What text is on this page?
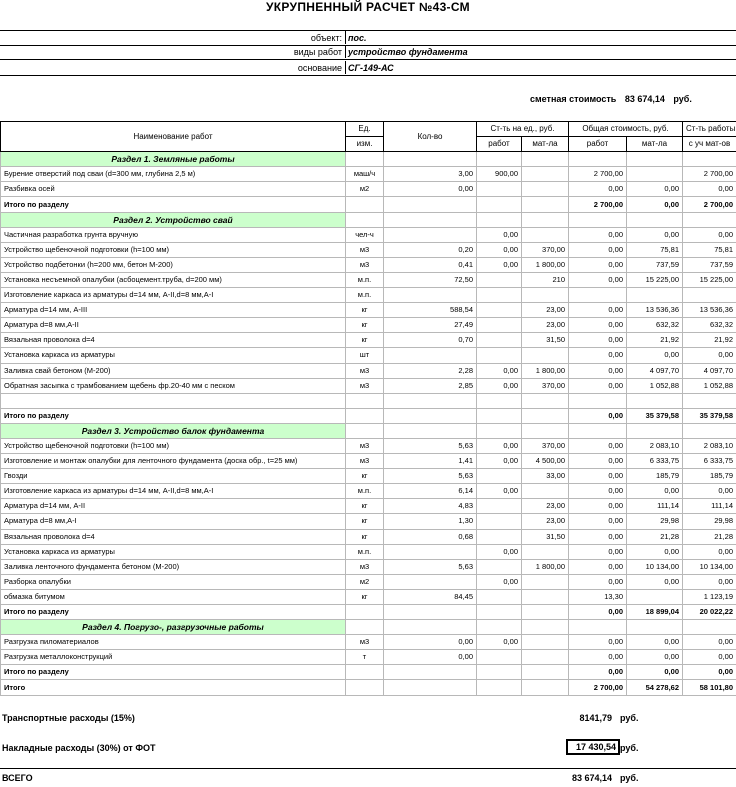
УКРУПНЕННЫЙ РАСЧЕТ №43-СМ
объект: пос.
виды работ устройство фундамента
основание СГ-149-АС
сметная стоимость 83 674,14 руб.
Наименование работ	Ед.	Кол-во	Ст-ть на ед., руб.		Общая стоимость, руб.		Ст-ть работы
	изм.		работ	мат-ла	работ	мат-ла	с уч мат-ов
Раздел 1. Земляные работы							
Бурение отверстий под сваи (d=300 мм, глубина 2,5 м)	маш/ч	3,00	900,00		2 700,00		2 700,00
Разбивка осей	м2	0,00			0,00	0,00	0,00
Итого по разделу					2 700,00	0,00	2 700,00
Раздел 2. Устройство свай							
Частичная разработка грунта вручную	чел-ч		0,00		0,00	0,00	0,00
Устройство щебеночной подготовки (h=100 мм)	м3	0,20	0,00	370,00	0,00	75,81	75,81
Устройство подбетонки (h=200 мм, бетон М-200)	м3	0,41	0,00	1 800,00	0,00	737,59	737,59
Установка несъемной опалубки (асбоцемент.труба, d=200 мм)	м.п.	72,50		210	0,00	15 225,00	15 225,00
Изготовление каркаса из арматуры d=14 мм, А-II,d=8 мм,А-I	м.п.						
Арматура d=14 мм, А-III	кг	588,54		23,00	0,00	13 536,36	13 536,36
Арматура d=8 мм,А-II	кг	27,49		23,00	0,00	632,32	632,32
Вязальная проволока d=4	кг	0,70		31,50	0,00	21,92	21,92
Установка каркаса из арматуры	шт				0,00	0,00	0,00
Заливка свай бетоном (М-200)	м3	2,28	0,00	1 800,00	0,00	4 097,70	4 097,70
Обратная засыпка с трамбованием щебень фр.20-40 мм с песком	м3	2,85	0,00	370,00	0,00	1 052,88	1 052,88

Итого по разделу					0,00	35 379,58	35 379,58
Раздел 3. Устройство балок фундамента							
Устройство щебеночной подготовки (h=100 мм)	м3	5,63	0,00	370,00	0,00	2 083,10	2 083,10
Изготовление и монтаж опалубки для ленточного фундамента (доска обр., t=25 мм)	м3	1,41	0,00	4 500,00	0,00	6 333,75	6 333,75
Гвозди	кг	5,63		33,00	0,00	185,79	185,79
Изготовление каркаса из арматуры d=14 мм, А-II,d=8 мм,А-I	м.п.	6,14	0,00		0,00	0,00	0,00
Арматура d=14 мм, А-II	кг	4,83		23,00	0,00	111,14	111,14
Арматура d=8 мм,А-I	кг	1,30		23,00	0,00	29,98	29,98
Вязальная проволока d=4	кг	0,68		31,50	0,00	21,28	21,28
Установка каркаса из арматуры	м.п.		0,00		0,00	0,00	0,00
Заливка ленточного фундамента бетоном (М-200)	м3	5,63		1 800,00	0,00	10 134,00	10 134,00
Разборка опалубки	м2		0,00		0,00	0,00	0,00
обмазка битумом	кг	84,45			13,30		1 123,19
Итого по разделу					0,00	18 899,04	20 022,22
Раздел 4. Погрузо-, разгрузочные работы							
Разгрузка пиломатериалов	м3	0,00	0,00		0,00	0,00	0,00
Разгрузка металлоконструкций	т	0,00			0,00	0,00	0,00
Итого по разделу					0,00	0,00	0,00
Итого					2 700,00	54 278,62	58 101,80
Транспортные расходы (15%)	8141,79 руб.
Накладные расходы (30%) от ФОТ	17 430,54 руб.
ВСЕГО	83 674,14 руб.
